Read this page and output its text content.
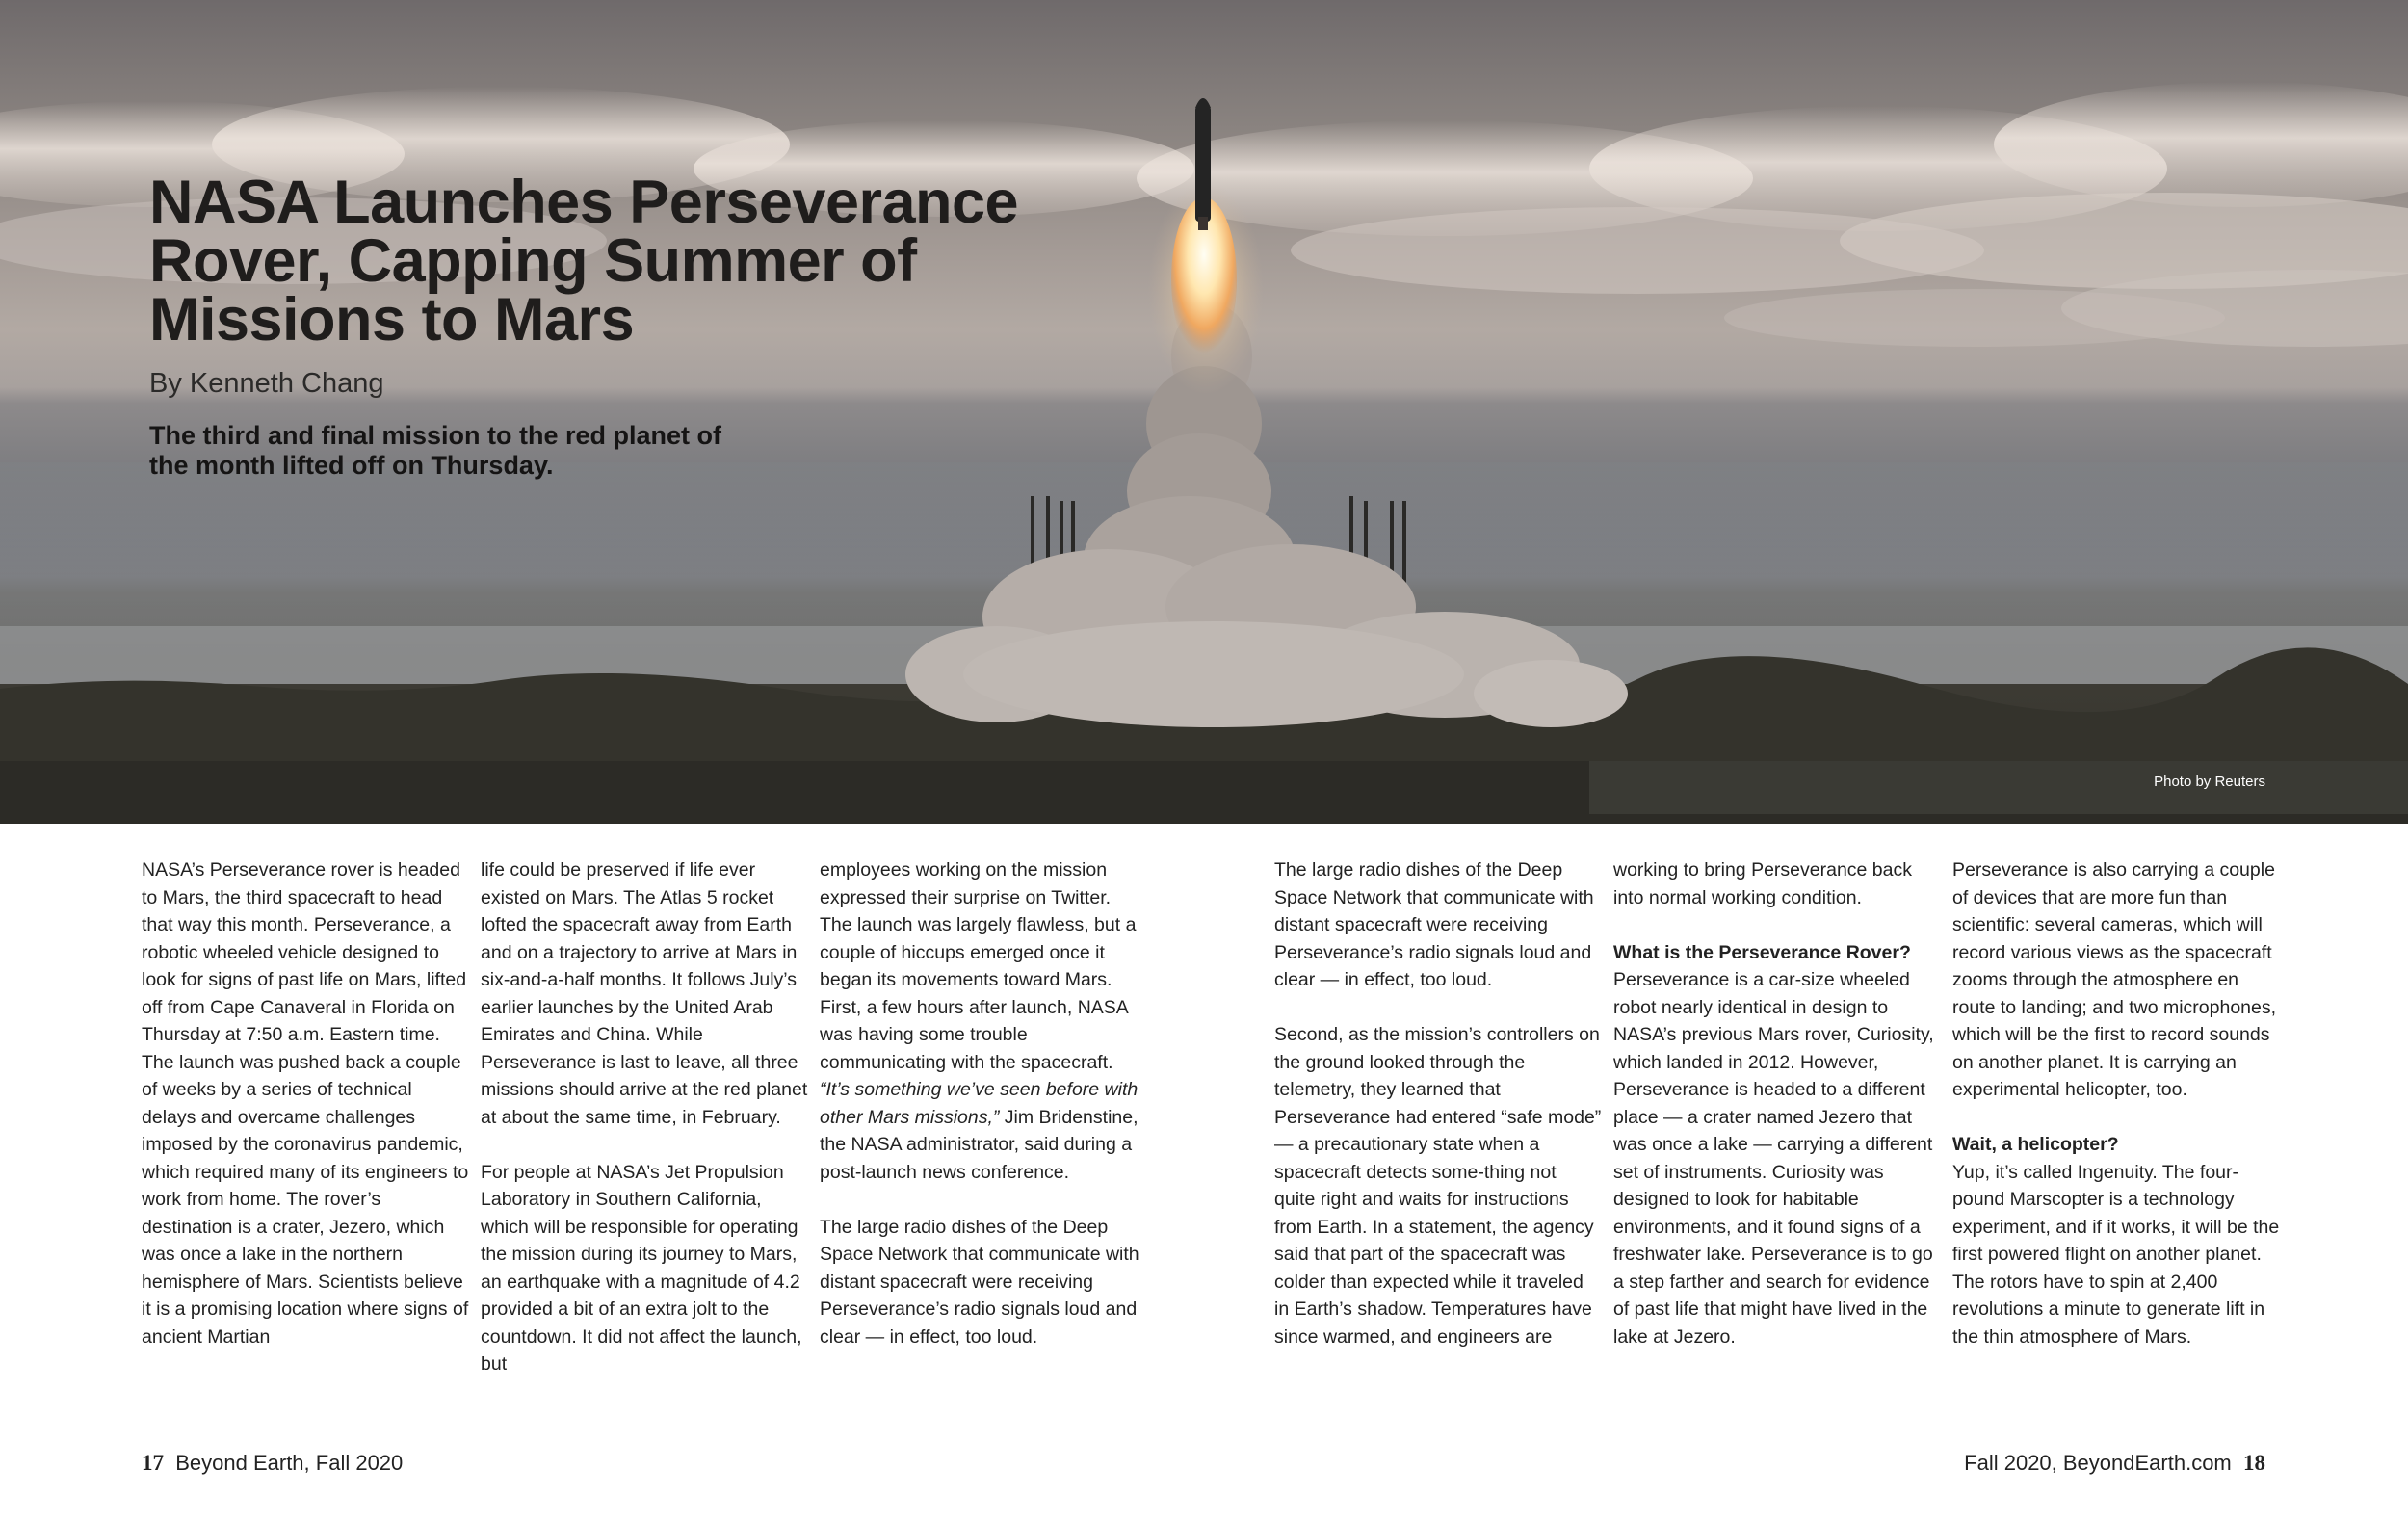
NASA Launches Perseverance
Rover, Capping Summer of
Missions to Mars

By Kenneth Chang

The third and final mission to the red planet of
the month lifted off on Thursday.

Photo by Reuters

NASA’s Perseverance rover is headed to Mars, the third spacecraft to head that way this month. Perseverance, a robotic wheeled vehicle designed to look for signs of past life on Mars, lifted off from Cape Canaveral in Florida on Thursday at 7:50 a.m. Eastern time. The launch was pushed back a couple of weeks by a series of technical delays and overcame challenges imposed by the coronavirus pandemic, which required many of its engineers to work from home. The rover’s destination is a crater, Jezero, which was once a lake in the northern hemisphere of Mars. Scientists believe it is a promising location where signs of ancient Martian

life could be preserved if life ever existed on Mars. The Atlas 5 rocket lofted the spacecraft away from Earth and on a trajectory to arrive at Mars in six-and-a-half months. It follows July’s earlier launches by the United Arab Emirates and China. While Perseverance is last to leave, all three missions should arrive at the red planet at about the same time, in February.

For people at NASA’s Jet Propulsion Laboratory in Southern California, which will be responsible for operating the mission during its journey to Mars, an earthquake with a magnitude of 4.2 provided a bit of an extra jolt to the countdown. It did not affect the launch, but

employees working on the mission expressed their surprise on Twitter. The launch was largely flawless, but a couple of hiccups emerged once it began its movements toward Mars. First, a few hours after launch, NASA was having some trouble communicating with the spacecraft. “It’s something we’ve seen before with other Mars missions,” Jim Bridenstine, the NASA administrator, said during a post-launch news conference.

The large radio dishes of the Deep Space Network that communicate with distant spacecraft were receiving Perseverance’s radio signals loud and clear — in effect, too loud.

The large radio dishes of the Deep Space Network that communicate with distant spacecraft were receiving Perseverance’s radio signals loud and clear — in effect, too loud.

Second, as the mission’s controllers on the ground looked through the telemetry, they learned that Perseverance had entered “safe mode” — a precautionary state when a spacecraft detects some-thing not quite right and waits for instructions from Earth. In a statement, the agency said that part of the spacecraft was colder than expected while it traveled in Earth’s shadow. Temperatures have since warmed, and engineers are

working to bring Perseverance back into normal working condition.

What is the Perseverance Rover?
Perseverance is a car-size wheeled robot nearly identical in design to NASA’s previous Mars rover, Curiosity, which landed in 2012. However, Perseverance is headed to a different place — a crater named Jezero that was once a lake — carrying a different set of instruments. Curiosity was designed to look for habitable environments, and it found signs of a freshwater lake. Perseverance is to go a step farther and search for evidence of past life that might have lived in the lake at Jezero.

Perseverance is also carrying a couple of devices that are more fun than scientific: several cameras, which will record various views as the spacecraft zooms through the atmosphere en route to landing; and two microphones, which will be the first to record sounds on another planet. It is carrying an experimental helicopter, too.

Wait, a helicopter?
Yup, it’s called Ingenuity. The four-pound Marscopter is a technology experiment, and if it works, it will be the first powered flight on another planet. The rotors have to spin at 2,400 revolutions a minute to generate lift in the thin atmosphere of Mars.

17 Beyond Earth, Fall 2020	Fall 2020, BeyondEarth.com 18
